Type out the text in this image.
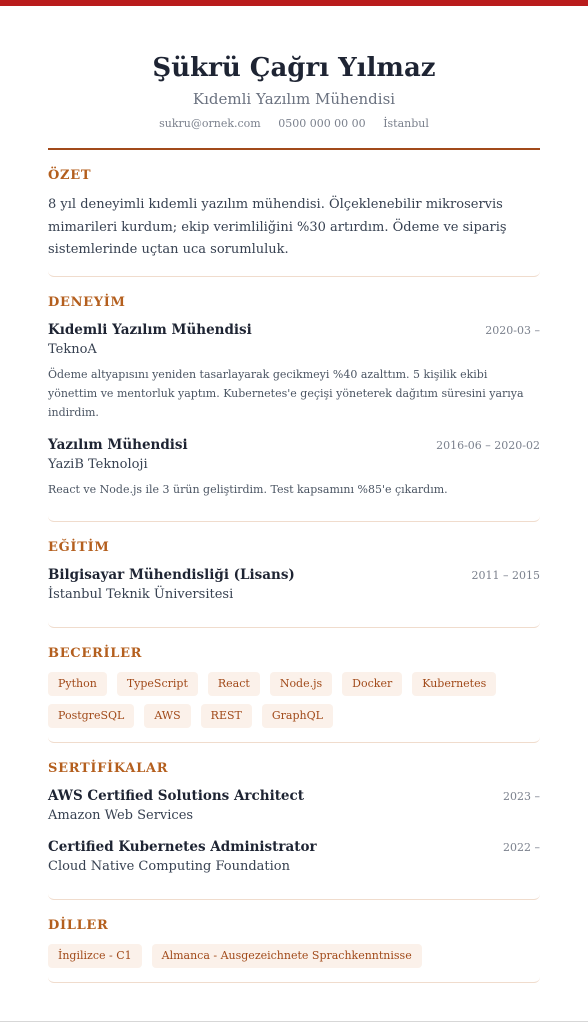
Şükrü Çağrı Yılmaz
Kıdemli Yazılım Mühendisi
sukru@ornek.com 0500 000 00 00 İstanbul
ÖZET

8 yıl deneyimli kıdemli yazılım mühendisi. Ölçeklenebilir mikroservis mimarileri kurdum; ekip verimliliğini %30 artırdım. Ödeme ve sipariş sistemlerinde uçtan uca sorumluluk.

DENEYİM
Kıdemli Yazılım Mühendisi	2020-03 –
TeknoA
Ödeme altyapısını yeniden tasarlayarak gecikmeyi %40 azalttım. 5 kişilik ekibi yönettim ve mentorluk yaptım. Kubernetes'e geçişi yöneterek dağıtım süresini yarıya indirdim.
Yazılım Mühendisi	2016-06 – 2020-02
YaziB Teknoloji
React ve Node.js ile 3 ürün geliştirdim. Test kapsamını %85'e çıkardım.
EĞİTİM
Bilgisayar Mühendisliği (Lisans)	2011 – 2015
İstanbul Teknik Üniversitesi
BECERİLER
Python	TypeScript	React	Node.js	Docker	Kubernetes
PostgreSQL	AWS	REST	GraphQL
SERTİFİKALAR
AWS Certified Solutions Architect	2023 –
Amazon Web Services
Certified Kubernetes Administrator	2022 –
Cloud Native Computing Foundation
DİLLER
İngilizce - C1	Almanca - Ausgezeichnete Sprachkenntnisse
